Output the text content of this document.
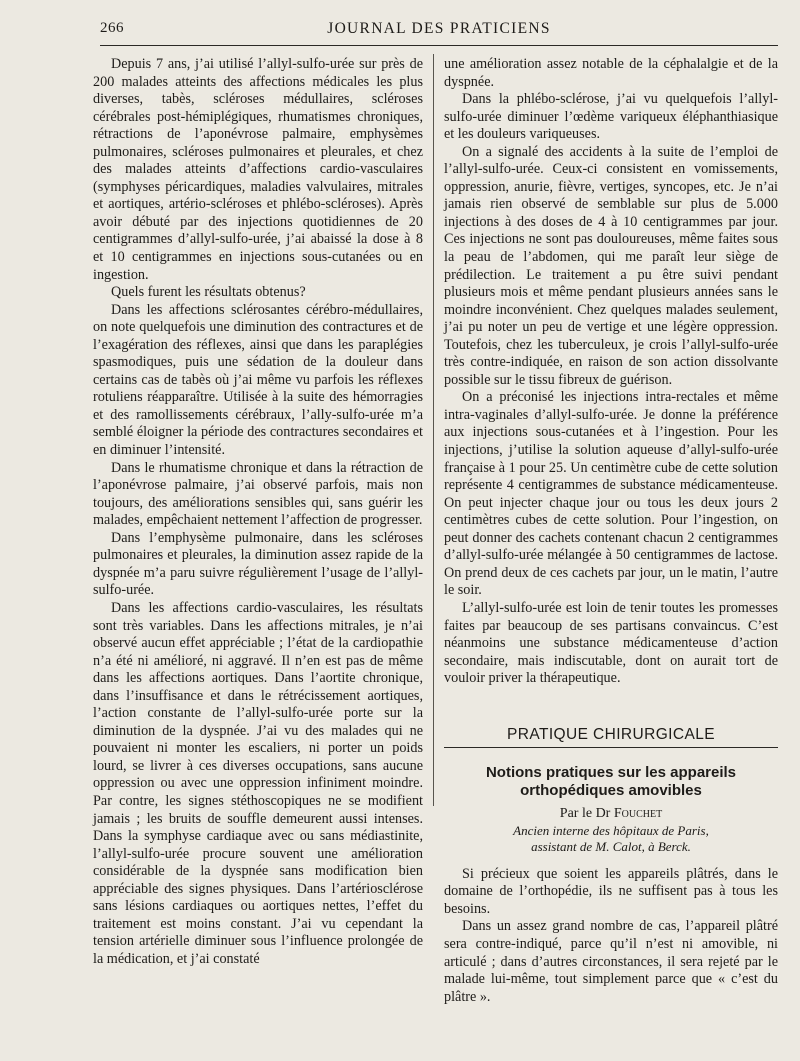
266	JOURNAL DES PRATICIENS

Depuis 7 ans, j’ai utilisé l’allyl-sulfo-urée sur près de 200 malades atteints des affections médicales les plus diverses, tabès, scléroses médullaires, scléroses cérébrales post-hémiplégiques, rhumatismes chroniques, rétractions de l’aponévrose palmaire, emphysèmes pulmonaires, scléroses pulmonaires et pleurales, et chez des malades atteints d’affections cardio-vasculaires (symphyses péricardiques, maladies valvulaires, mitrales et aortiques, artério-scléroses et phlébo-scléroses). Après avoir débuté par des injections quotidiennes de 20 centigrammes d’allyl-sulfo-urée, j’ai abaissé la dose à 8 et 10 centigrammes en injections sous-cutanées ou en ingestion.

Quels furent les résultats obtenus?

Dans les affections sclérosantes cérébro-médullaires, on note quelquefois une diminution des contractures et de l’exagération des réflexes, ainsi que dans les paraplégies spasmodiques, puis une sédation de la douleur dans certains cas de tabès où j’ai même vu parfois les réflexes rotuliens réapparaître. Utilisée à la suite des hémorragies et des ramollissements cérébraux, l’ally-sulfo-urée m’a semblé éloigner la période des contractures secondaires et en diminuer l’intensité.

Dans le rhumatisme chronique et dans la rétraction de l’aponévrose palmaire, j’ai observé parfois, mais non toujours, des améliorations sensibles qui, sans guérir les malades, empêchaient nettement l’affection de progresser.

Dans l’emphysème pulmonaire, dans les scléroses pulmonaires et pleurales, la diminution assez rapide de la dyspnée m’a paru suivre régulièrement l’usage de l’allyl-sulfo-urée.

Dans les affections cardio-vasculaires, les résultats sont très variables. Dans les affections mitrales, je n’ai observé aucun effet appréciable ; l’état de la cardiopathie n’a été ni amélioré, ni aggravé. Il n’en est pas de même dans les affections aortiques. Dans l’aortite chronique, dans l’insuffisance et dans le rétrécissement aortiques, l’action constante de l’allyl-sulfo-urée porte sur la diminution de la dyspnée. J’ai vu des malades qui ne pouvaient ni monter les escaliers, ni porter un poids lourd, se livrer à ces diverses occupations, sans aucune oppression ou avec une oppression infiniment moindre. Par contre, les signes stéthoscopiques ne se modifient jamais ; les bruits de souffle demeurent aussi intenses. Dans la symphyse cardiaque avec ou sans médiastinite, l’allyl-sulfo-urée procure souvent une amélioration considérable de la dyspnée sans modification bien appréciable des signes physiques. Dans l’artériosclérose sans lésions cardiaques ou aortiques nettes, l’effet du traitement est moins constant. J’ai vu cependant la tension artérielle diminuer sous l’influence prolongée de la médication, et j’ai constaté

une amélioration assez notable de la céphalalgie et de la dyspnée.

Dans la phlébo-sclérose, j’ai vu quelquefois l’allyl-sulfo-urée diminuer l’œdème variqueux éléphanthiasique et les douleurs variqueuses.

On a signalé des accidents à la suite de l’emploi de l’allyl-sulfo-urée. Ceux-ci consistent en vomissements, oppression, anurie, fièvre, vertiges, syncopes, etc. Je n’ai jamais rien observé de semblable sur plus de 5.000 injections à des doses de 4 à 10 centigrammes par jour. Ces injections ne sont pas douloureuses, même faites sous la peau de l’abdomen, qui me paraît leur siège de prédilection. Le traitement a pu être suivi pendant plusieurs mois et même pendant plusieurs années sans le moindre inconvénient. Chez quelques malades seulement, j’ai pu noter un peu de vertige et une légère oppression. Toutefois, chez les tuberculeux, je crois l’allyl-sulfo-urée très contre-indiquée, en raison de son action dissolvante possible sur le tissu fibreux de guérison.

On a préconisé les injections intra-rectales et même intra-vaginales d’allyl-sulfo-urée. Je donne la préférence aux injections sous-cutanées et à l’ingestion. Pour les injections, j’utilise la solution aqueuse d’allyl-sulfo-urée française à 1 pour 25. Un centimètre cube de cette solution représente 4 centigrammes de substance médicamenteuse. On peut injecter chaque jour ou tous les deux jours 2 centimètres cubes de cette solution. Pour l’ingestion, on peut donner des cachets contenant chacun 2 centigrammes d’allyl-sulfo-urée mélangée à 50 centigrammes de lactose. On prend deux de ces cachets par jour, un le matin, l’autre le soir.

L’allyl-sulfo-urée est loin de tenir toutes les promesses faites par beaucoup de ses partisans convaincus. C’est néanmoins une substance médicamenteuse d’action secondaire, mais indiscutable, dont on aurait tort de vouloir priver la thérapeutique.

PRATIQUE CHIRURGICALE
Notions pratiques sur les appareils orthopédiques amovibles
Par le Dr Fouchet
Ancien interne des hôpitaux de Paris,
assistant de M. Calot, à Berck.

Si précieux que soient les appareils plâtrés, dans le domaine de l’orthopédie, ils ne suffisent pas à tous les besoins.

Dans un assez grand nombre de cas, l’appareil plâtré sera contre-indiqué, parce qu’il n’est ni amovible, ni articulé ; dans d’autres circonstances, il sera rejeté par le malade lui-même, tout simplement parce que « c’est du plâtre ».
